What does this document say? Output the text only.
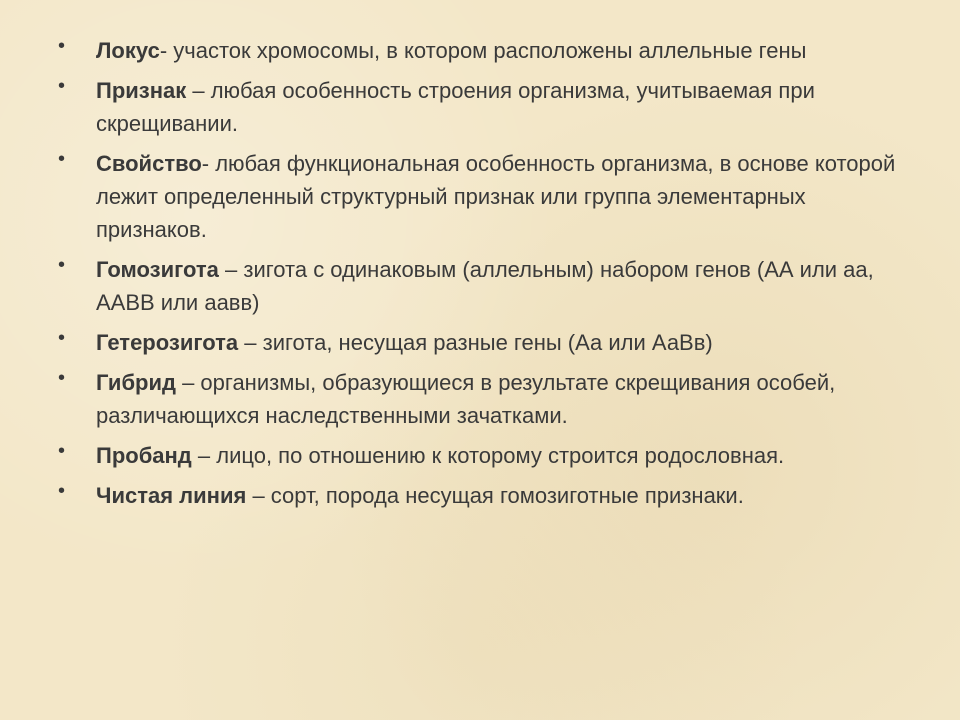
• Локус- участок хромосомы, в котором расположены аллельные гены
• Признак – любая особенность строения организма, учитываемая при скрещивании.
• Свойство- любая функциональная особенность организма, в основе которой лежит определенный структурный признак или группа элементарных признаков.
• Гомозигота – зигота с одинаковым (аллельным) набором генов (АА или аа, ААВВ или аавв)
• Гетерозигота – зигота, несущая разные гены (Аа или АаВв)
• Гибрид – организмы, образующиеся в результате скрещивания особей, различающихся наследственными зачатками.
• Пробанд – лицо, по отношению к которому строится родословная.
• Чистая линия – сорт, порода несущая гомозиготные признаки.
